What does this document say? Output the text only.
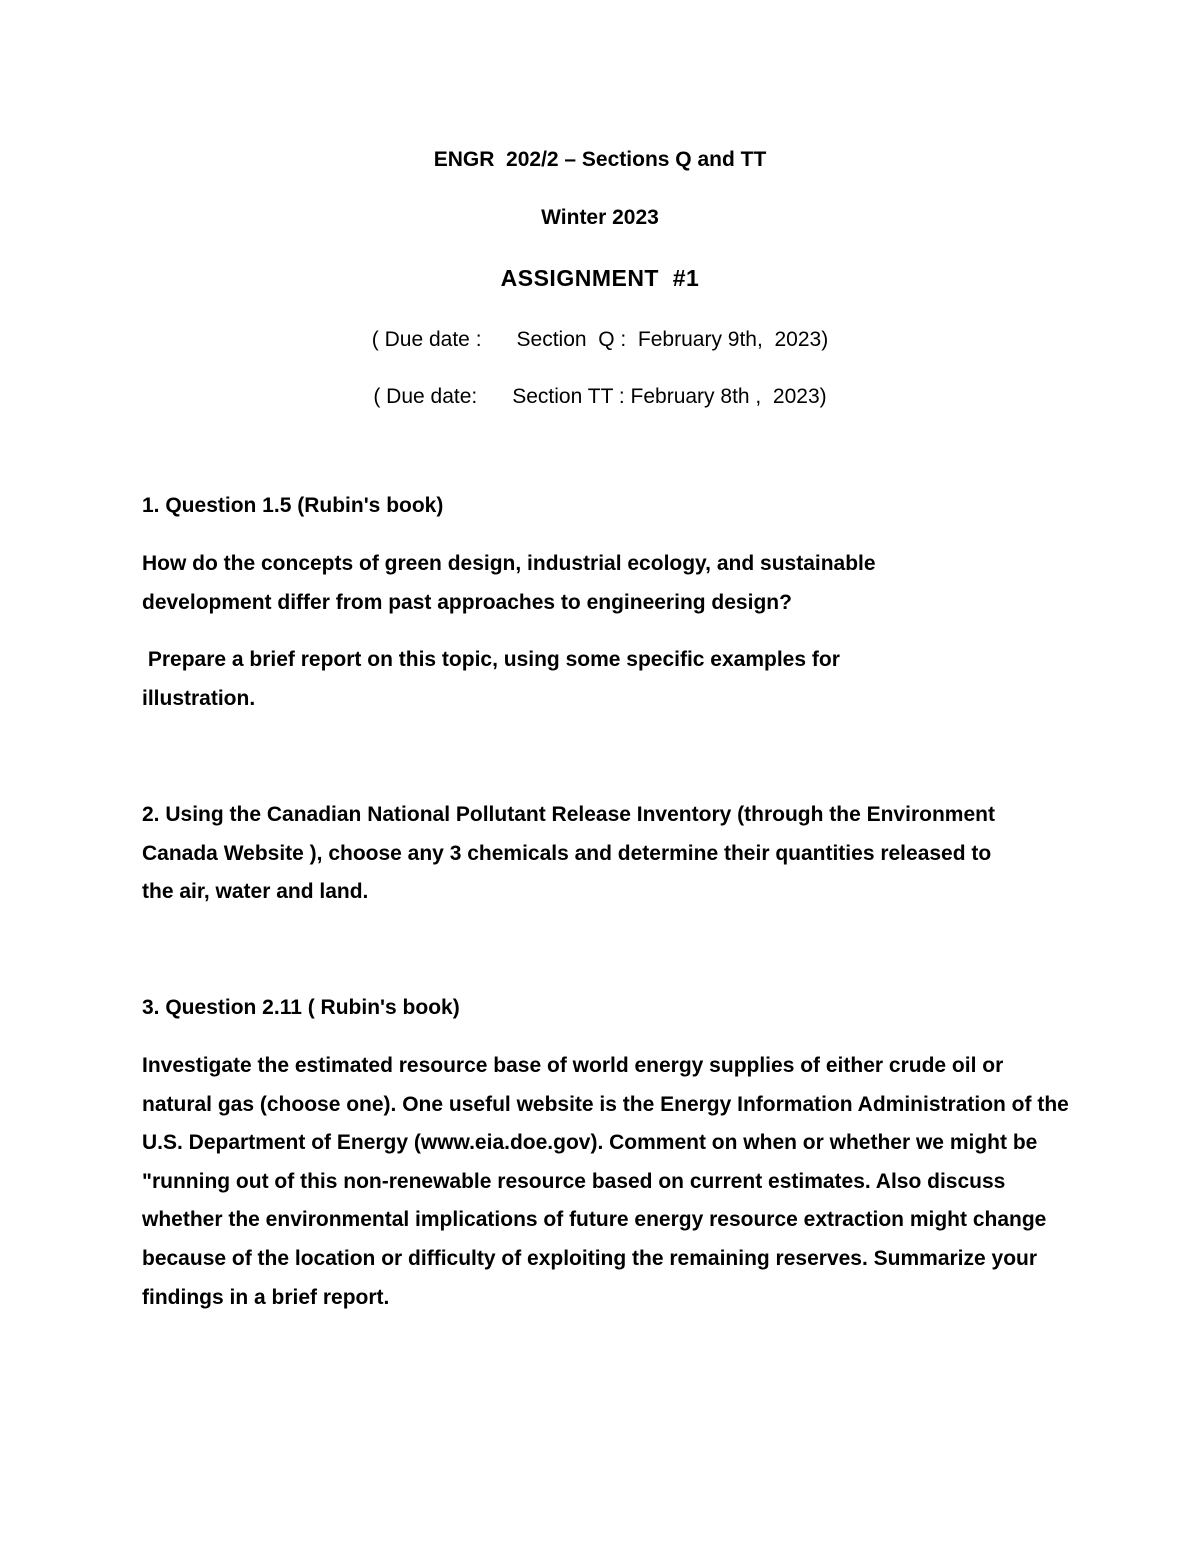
ENGR  202/2 – Sections Q and TT
Winter 2023
ASSIGNMENT  #1
( Due date :      Section  Q :  February 9th,  2023)
( Due date:      Section TT : February 8th ,  2023)
1. Question 1.5 (Rubin's book)
How do the concepts of green design, industrial ecology, and sustainable development differ from past approaches to engineering design?
Prepare a brief report on this topic, using some specific examples for illustration.
2. Using the Canadian National Pollutant Release Inventory (through the Environment Canada Website ), choose any 3 chemicals and determine their quantities released to the air, water and land.
3. Question 2.11 ( Rubin's book)
Investigate the estimated resource base of world energy supplies of either crude oil or natural gas (choose one). One useful website is the Energy Information Administration of the U.S. Department of Energy (www.eia.doe.gov). Comment on when or whether we might be "running out of this non-renewable resource based on current estimates. Also discuss whether the environmental implications of future energy resource extraction might change because of the location or difficulty of exploiting the remaining reserves. Summarize your findings in a brief report.
